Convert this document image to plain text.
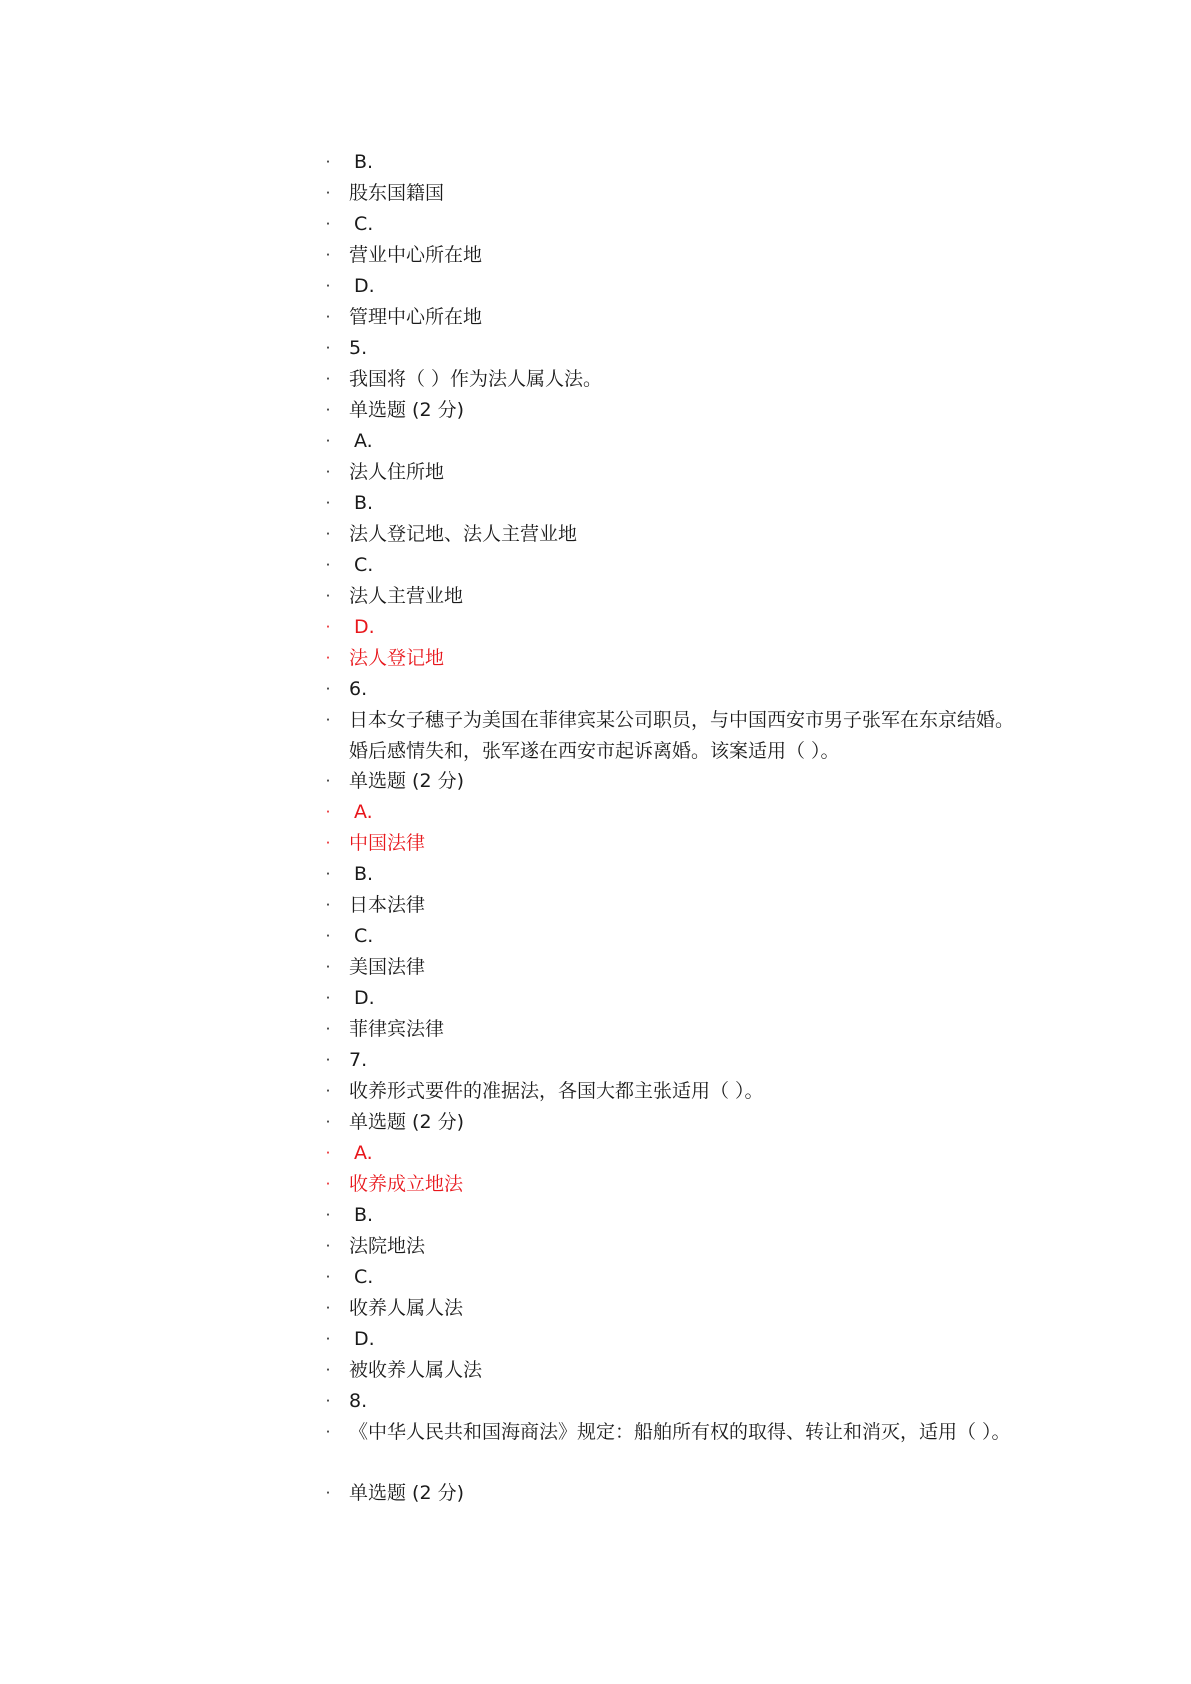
· B.
· 股东国籍国
· C.
· 营业中心所在地
· D.
· 管理中心所在地
· 5.
· 我国将（ ）作为法人属人法。
· 单选题 (2 分)
· A.
· 法人住所地
· B.
· 法人登记地、法人主营业地
· C.
· 法人主营业地
· D.
· 法人登记地
· 6.
· 日本女子穗子为美国在菲律宾某公司职员，与中国西安市男子张军在东京结婚。婚后感情失和，张军遂在西安市起诉离婚。该案适用（ ）。
· 单选题 (2 分)
· A.
· 中国法律
· B.
· 日本法律
· C.
· 美国法律
· D.
· 菲律宾法律
· 7.
· 收养形式要件的准据法，各国大都主张适用（ ）。
· 单选题 (2 分)
· A.
· 收养成立地法
· B.
· 法院地法
· C.
· 收养人属人法
· D.
· 被收养人属人法
· 8.
· 《中华人民共和国海商法》规定：船舶所有权的取得、转让和消灭，适用（ ）。
· 单选题 (2 分)
